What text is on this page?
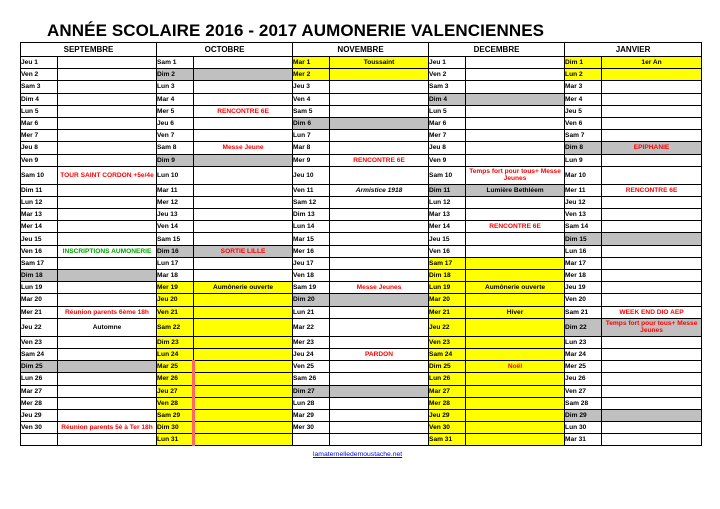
ANNÉE SCOLAIRE 2016 - 2017 AUMONERIE VALENCIENNES
SEPTEMBRE		OCTOBRE		NOVEMBRE		DECEMBRE		JANVIER	
Jeu 1		Sam 1		Mar 1	Toussaint	Jeu 1		Dim 1	1er An
Ven 2		Dim 2		Mer 2		Ven 2		Lun 2	
Sam 3		Lun 3		Jeu 3		Sam 3		Mar 3	
Dim 4		Mar 4		Ven 4		Dim 4		Mer 4	
Lun 5		Mer 5	RENCONTRE 6E	Sam 5		Lun 5		Jeu 5	
Mar 6		Jeu 6		Dim 6		Mar 6		Ven 6	
Mer 7		Ven 7		Lun 7		Mer 7		Sam 7	
Jeu 8		Sam 8	Messe Jeune	Mar 8		Jeu 8		Dim 8	EPIPHANIE
Ven 9		Dim 9		Mer 9	RENCONTRE 6E	Ven 9		Lun 9	
Sam 10	TOUR SAINT CORDON +5e/4e	Lun 10		Jeu 10		Sam 10	Temps fort pour tous+ Messe Jeunes	Mar 10	
Dim 11		Mar 11		Ven 11	Armistice 1918	Dim 11	Lumière Bethléem	Mer 11	RENCONTRE 6E
Lun 12		Mer 12		Sam 12		Lun 12		Jeu 12	
Mar 13		Jeu 13		Dim 13		Mar 13		Ven 13	
Mer 14		Ven 14		Lun 14		Mer 14	RENCONTRE 6E	Sam 14	
Jeu 15		Sam 15		Mar 15		Jeu 15		Dim 15	
Ven 16	INSCRIPTIONS AUMONERIE	Dim 16	SORTIE LILLE	Mer 16		Ven 16		Lun 16	
Sam 17		Lun 17		Jeu 17		Sam 17		Mar 17	
Dim 18		Mar 18		Ven 18		Dim 18		Mer 18	
Lun 19		Mer 19	Aumônerie ouverte	Sam 19	Messe Jeunes	Lun 19	Aumônerie ouverte	Jeu 19	
Mar 20		Jeu 20		Dim 20		Mar 20		Ven 20	
Mer 21	Réunion parents 6ème 18h	Ven 21		Lun 21		Mer 21	Hiver	Sam 21	WEEK END DIO AEP
Jeu 22	Automne	Sam 22		Mar 22		Jeu 22		Dim 22	Temps fort pour tous+ Messe Jeunes
Ven 23		Dim 23		Mer 23		Ven 23		Lun 23	
Sam 24		Lun 24		Jeu 24	PARDON	Sam 24		Mar 24	
Dim 25		Mar 25		Ven 25		Dim 25	Noël	Mer 25	
Lun 26		Mer 26		Sam 26		Lun 26		Jeu 26	
Mar 27		Jeu 27		Dim 27		Mar 27		Ven 27	
Mer 28		Ven 28		Lun 28		Mer 28		Sam 28	
Jeu 29		Sam 29		Mar 29		Jeu 29		Dim 29	
Ven 30	Réunion parents 5è à Ter 18h	Dim 30		Mer 30		Ven 30		Lun 30	
		Lun 31				Sam 31		Mar 31	
lamaternelledemoustache.net
